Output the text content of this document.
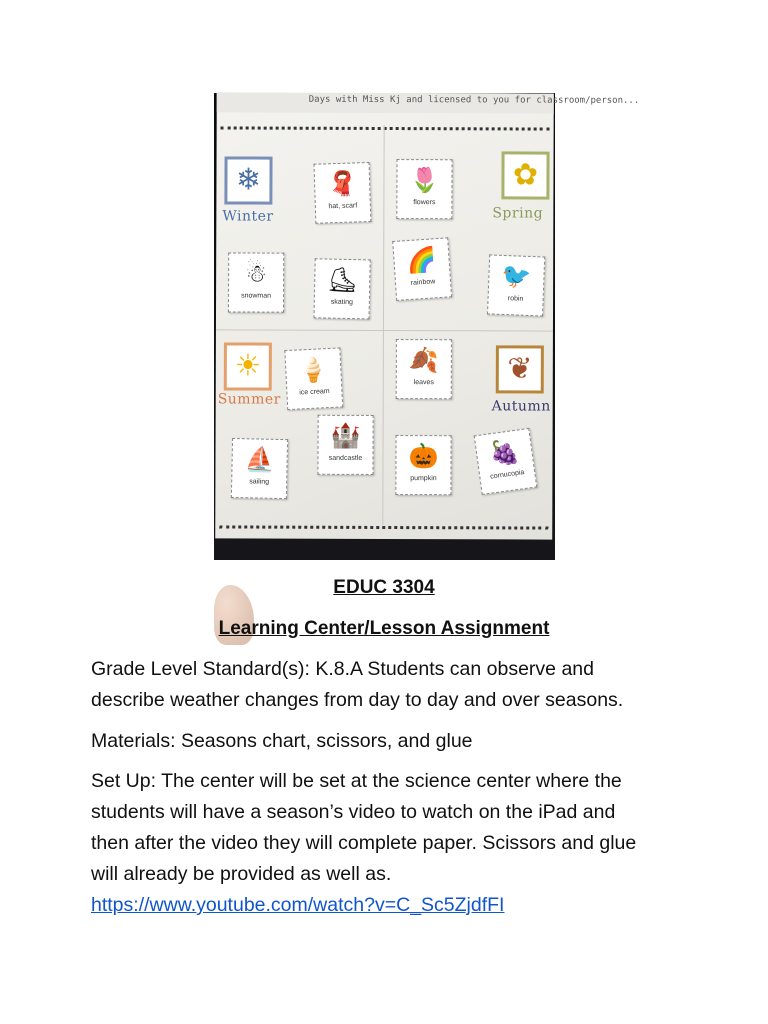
Days with Miss Kj and licensed to you for classroom/person...
❄
Winter
✿
Spring
☀
Summer
❦
Autumn
🧣
hat, scarf
🌷
flowers
☃
snowman
⛸
skating
🌈
rainbow	🐦
robin
🍦
ice cream
🍂
leaves
⛵
sailing
🏰
sandcastle 🎃
pumpkin
🍇
cornucopia
EDUC 3304
Learning Center/Lesson Assignment

Grade Level Standard(s): K.8.A Students can observe and
describe weather changes from day to day and over seasons.

Materials: Seasons chart, scissors, and glue

Set Up: The center will be set at the science center where the
students will have a season’s video to watch on the iPad and
then after the video they will complete paper. Scissors and glue
will already be provided as well as.
https://www.youtube.com/watch?v=C_Sc5ZjdfFI
